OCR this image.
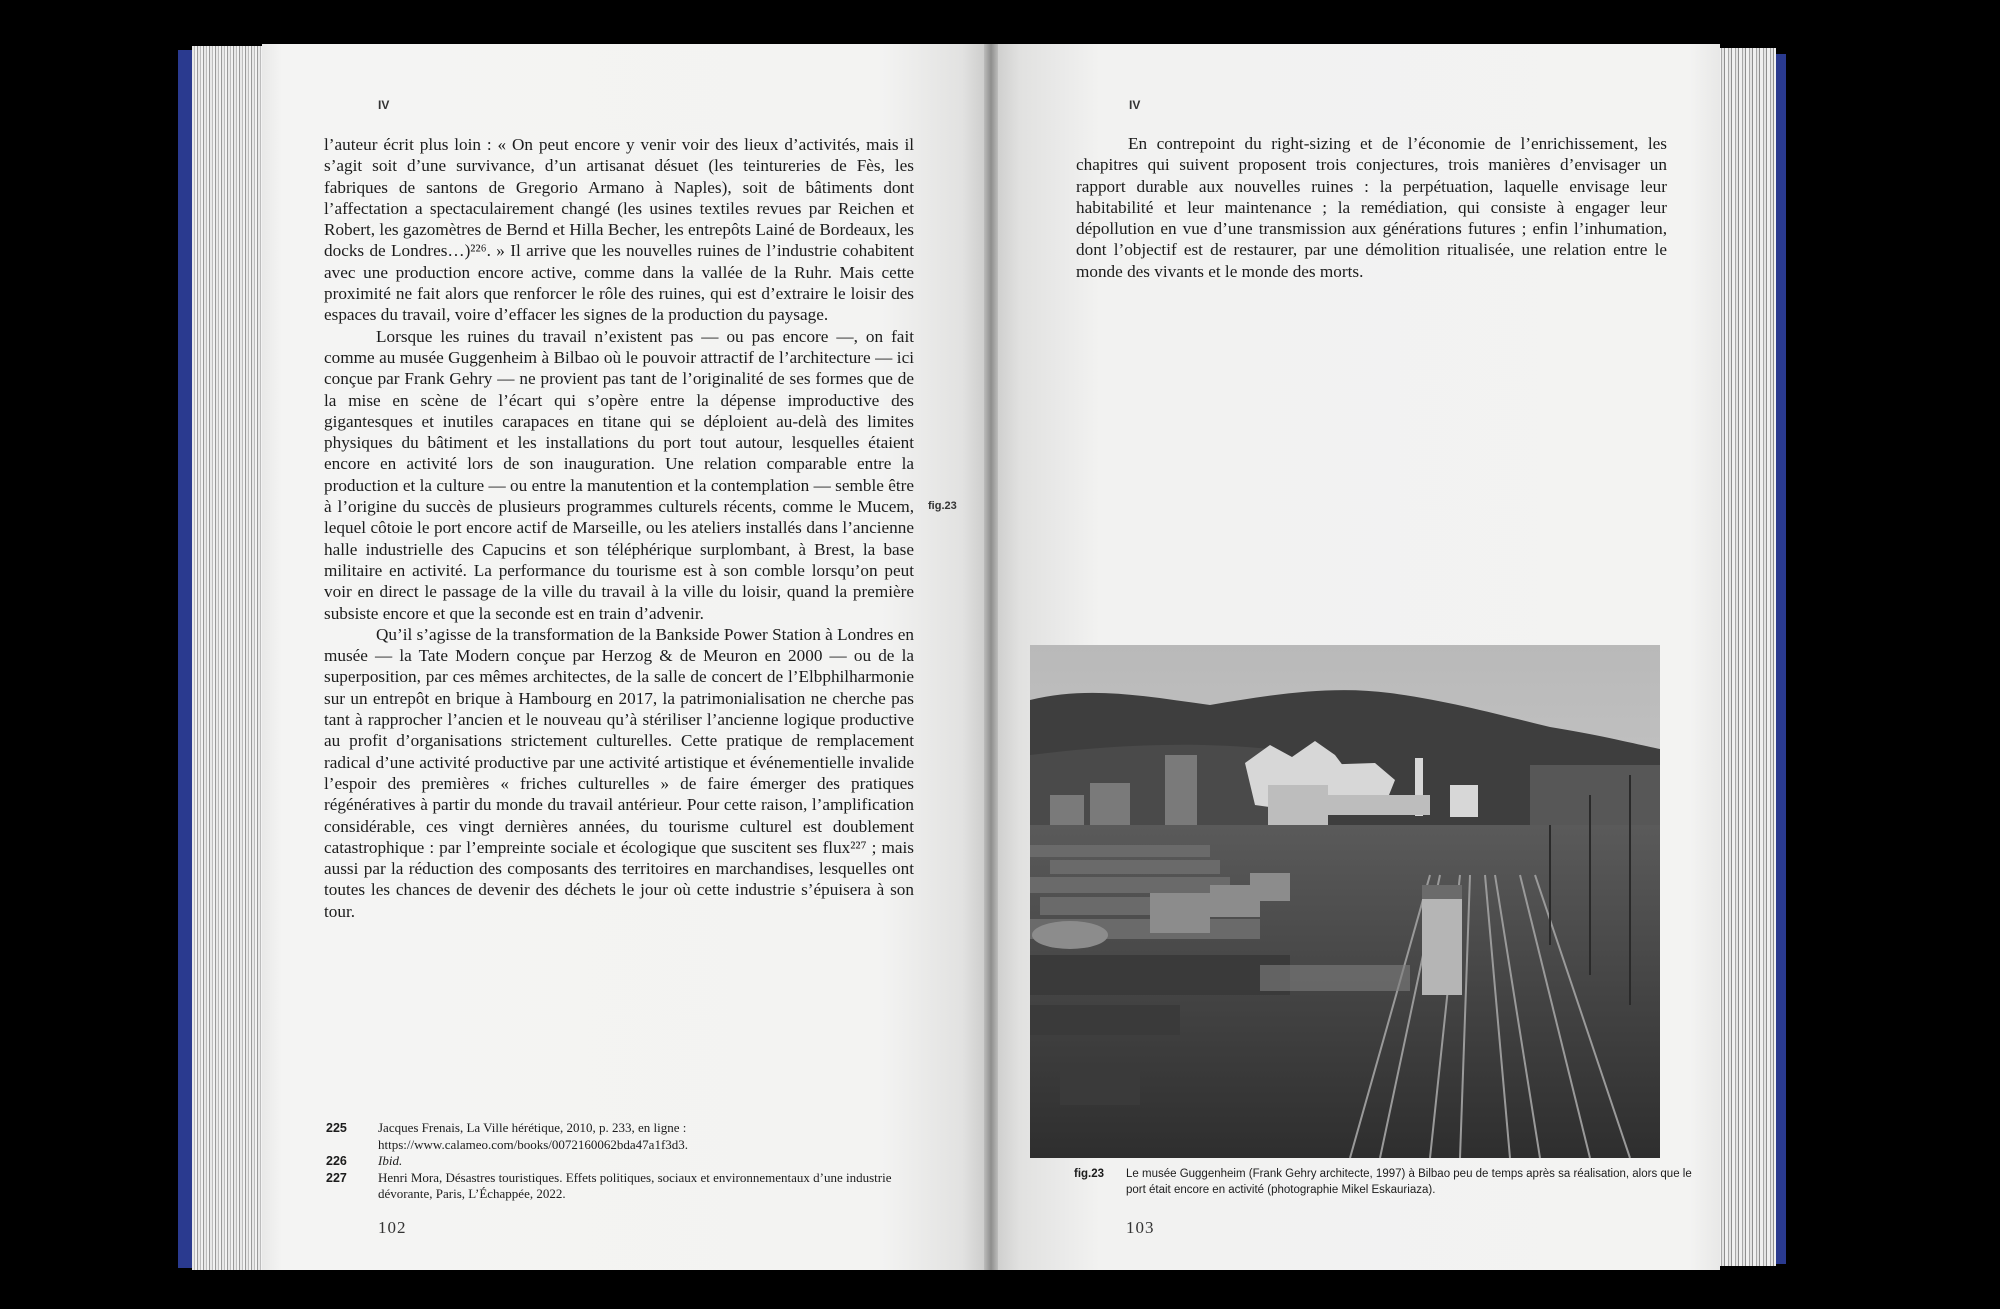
IV

l’auteur écrit plus loin : « On peut encore y venir voir des lieux d’activités, mais il s’agit soit d’une survivance, d’un artisanat désuet (les teintureries de Fès, les fabriques de santons de Gregorio Armano à Naples), soit de bâtiments dont l’affectation a spectaculairement changé (les usines textiles revues par Reichen et Robert, les gazomètres de Bernd et Hilla Becher, les entrepôts Lainé de Bordeaux, les docks de Londres…)²²⁶. » Il arrive que les nouvelles ruines de l’industrie cohabitent avec une production encore active, comme dans la vallée de la Ruhr. Mais cette proximité ne fait alors que renforcer le rôle des ruines, qui est d’extraire le loisir des espaces du travail, voire d’effacer les signes de la production du paysage.

Lorsque les ruines du travail n’existent pas — ou pas encore —, on fait comme au musée Guggenheim à Bilbao où le pouvoir attractif de l’architecture — ici conçue par Frank Gehry — ne provient pas tant de l’originalité de ses formes que de la mise en scène de l’écart qui s’opère entre la dépense improductive des gigantesques et inutiles carapaces en titane qui se déploient au-delà des limites physiques du bâtiment et les installations du port tout autour, lesquelles étaient encore en activité lors de son inauguration. Une relation comparable entre la production et la culture — ou entre la manutention et la contemplation — semble être à l’origine du succès de plusieurs programmes culturels récents, comme le Mucem, lequel côtoie le port encore actif de Marseille, ou les ateliers installés dans l’ancienne halle industrielle des Capucins et son téléphérique surplombant, à Brest, la base militaire en activité. La performance du tourisme est à son comble lorsqu’on peut voir en direct le passage de la ville du travail à la ville du loisir, quand la première subsiste encore et que la seconde est en train d’advenir.

Qu’il s’agisse de la transformation de la Bankside Power Station à Londres en musée — la Tate Modern conçue par Herzog & de Meuron en 2000 — ou de la superposition, par ces mêmes architectes, de la salle de concert de l’Elbphilharmonie sur un entrepôt en brique à Hambourg en 2017, la patrimonialisation ne cherche pas tant à rapprocher l’ancien et le nouveau qu’à stériliser l’ancienne logique productive au profit d’organisations strictement culturelles. Cette pratique de remplacement radical d’une activité productive par une activité artistique et événementielle invalide l’espoir des premières « friches culturelles » de faire émerger des pratiques régénératives à partir du monde du travail antérieur. Pour cette raison, l’amplification considérable, ces vingt dernières années, du tourisme culturel est doublement catastrophique : par l’empreinte sociale et écologique que suscitent ses flux²²⁷ ; mais aussi par la réduction des composants des territoires en marchandises, lesquelles ont toutes les chances de devenir des déchets le jour où cette industrie s’épuisera à son tour.

fig.23
225	Jacques Frenais, La Ville hérétique, 2010, p. 233, en ligne : https://www.calameo.com/books/0072160062bda47a1f3d3.
226	Ibid.
227	Henri Mora, Désastres touristiques. Effets politiques, sociaux et environnementaux d’une industrie dévorante, Paris, L’Échappée, 2022.
102
IV

En contrepoint du right-sizing et de l’économie de l’enrichissement, les chapitres qui suivent proposent trois conjectures, trois manières d’envisager un rapport durable aux nouvelles ruines : la perpétuation, laquelle envisage leur habitabilité et leur maintenance ; la remédiation, qui consiste à engager leur dépollution en vue d’une transmission aux générations futures ; enfin l’inhumation, dont l’objectif est de restaurer, par une démolition ritualisée, une relation entre le monde des vivants et le monde des morts.

fig.23	Le musée Guggenheim (Frank Gehry architecte, 1997) à Bilbao peu de temps après sa réalisation, alors que le port était encore en activité (photographie Mikel Eskauriaza).
103
